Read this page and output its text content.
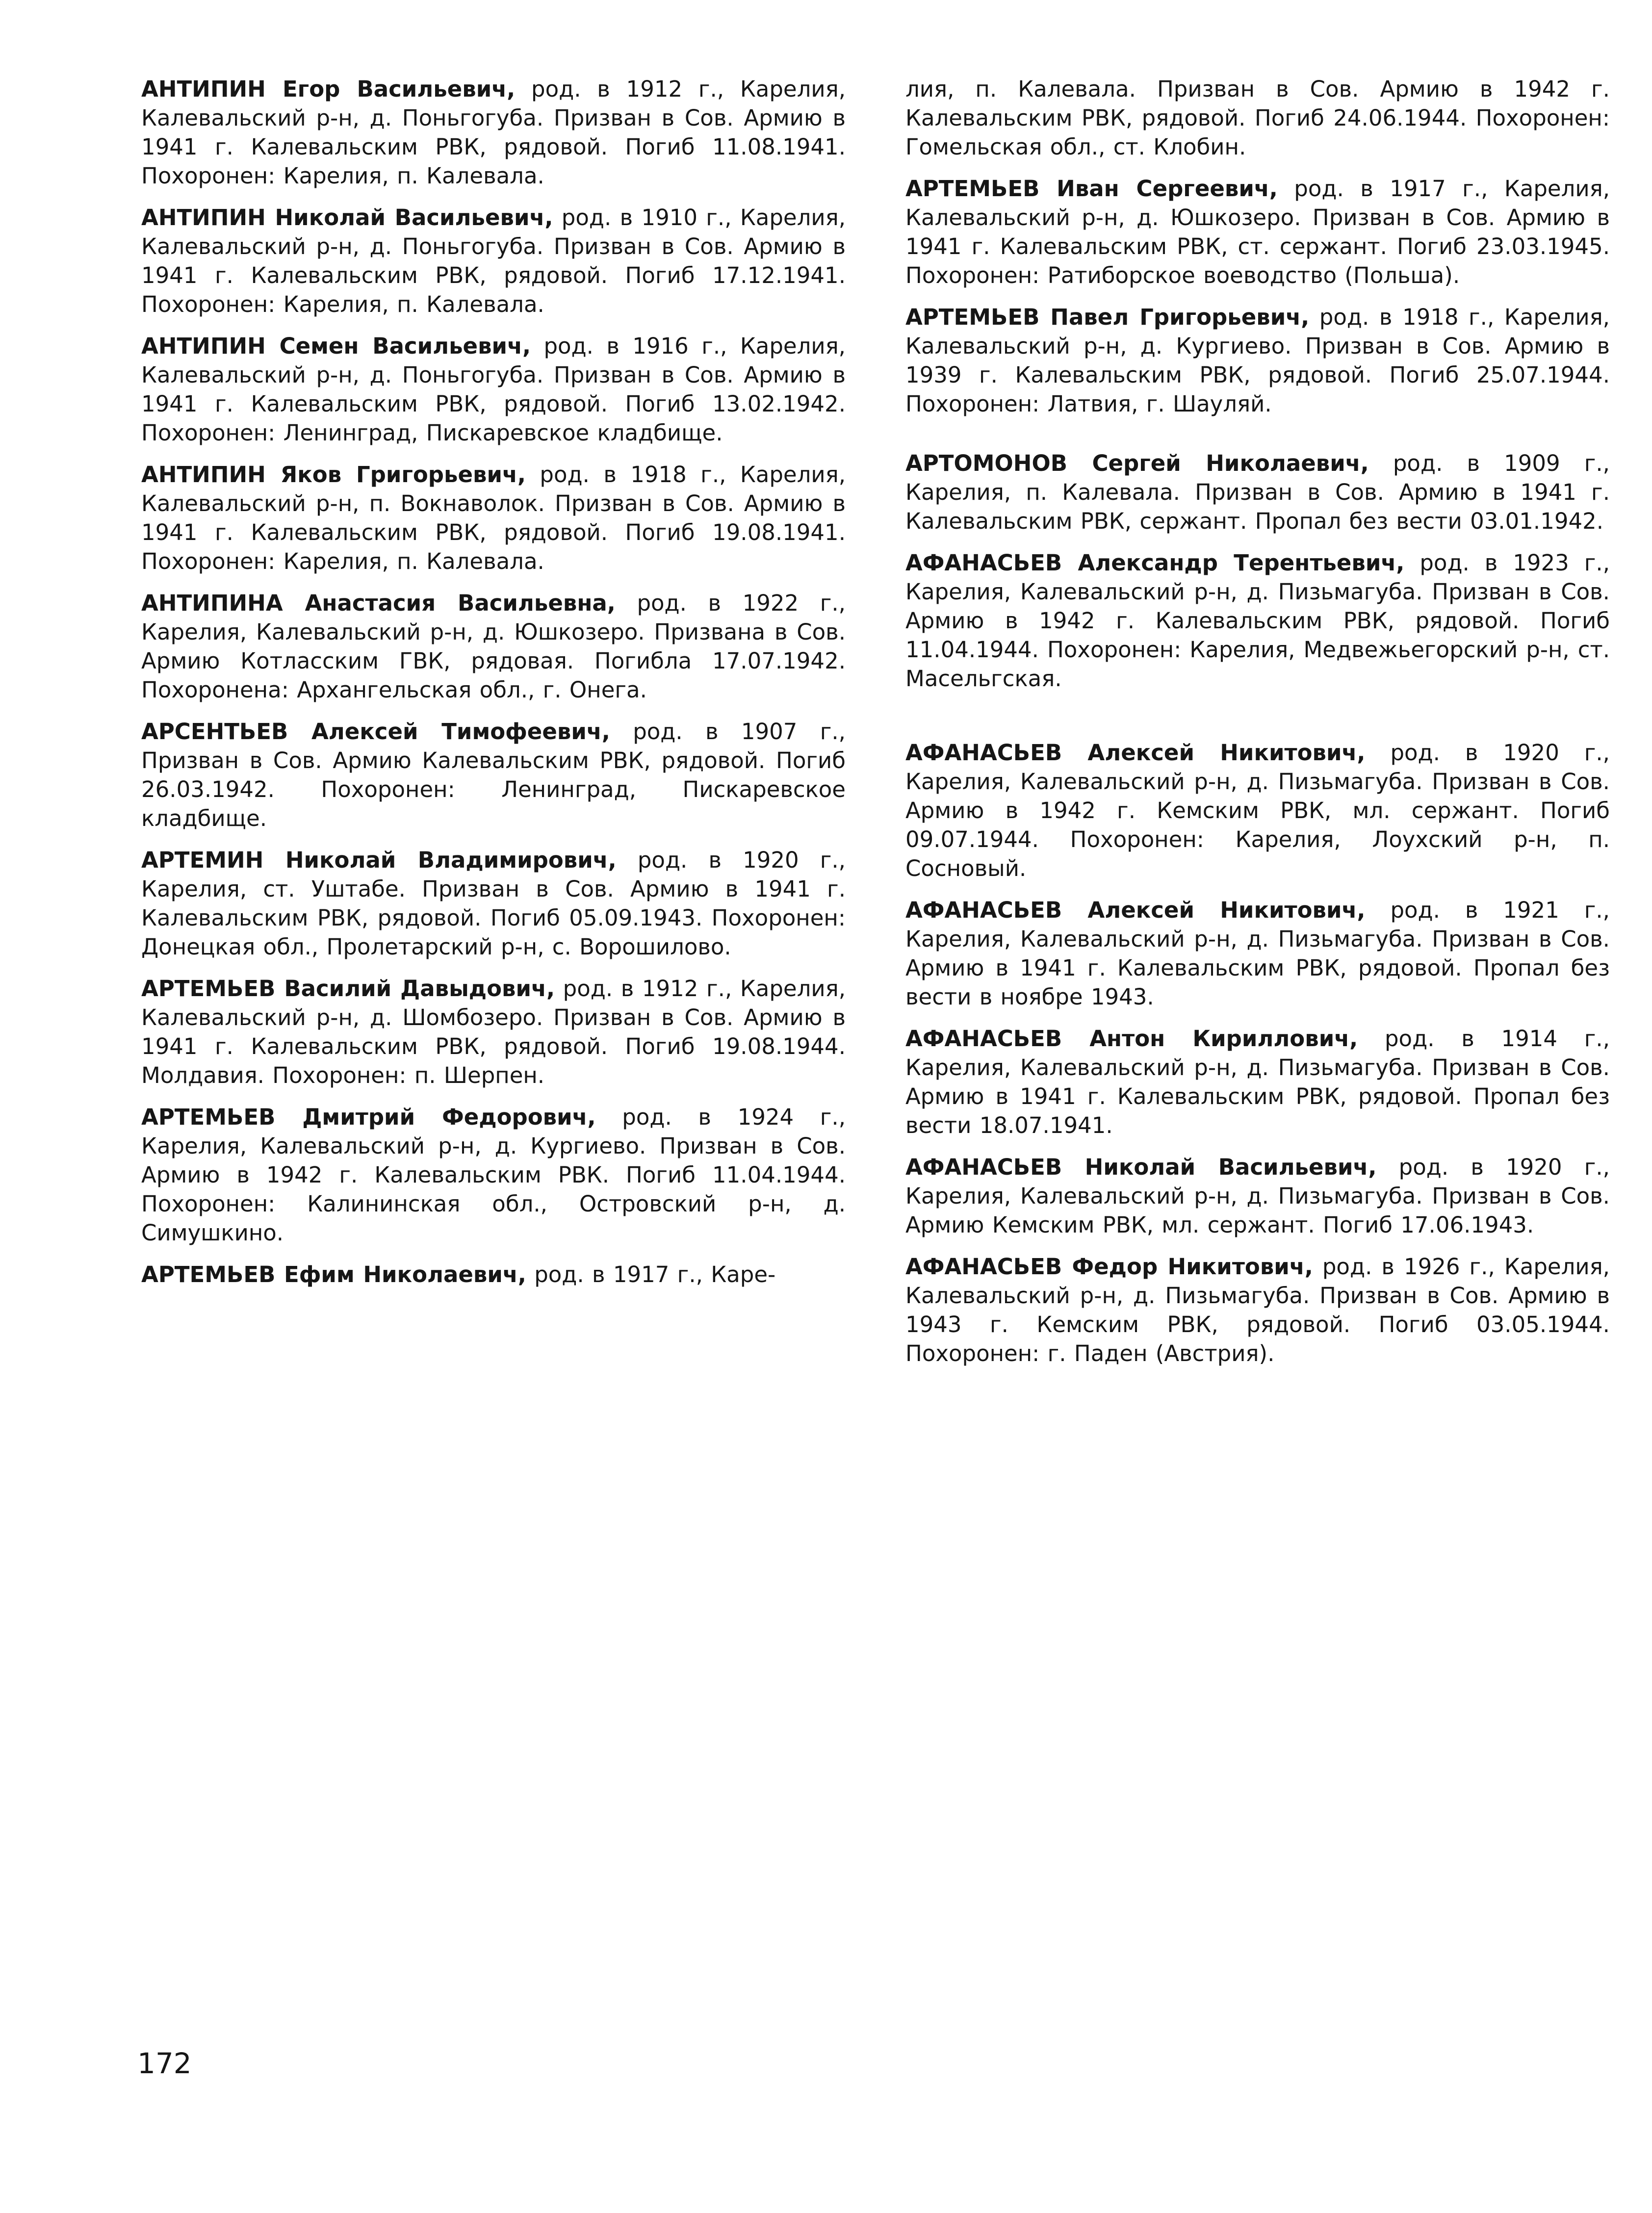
АНТИПИН Егор Васильевич, род. в 1912 г., Карелия, Калевальский р-н, д. Поньгогуба. Призван в Сов. Армию в 1941 г. Калевальским РВК, рядовой. Погиб 11.08.1941. Похоронен: Карелия, п. Калевала.

АНТИПИН Николай Васильевич, род. в 1910 г., Карелия, Калевальский р-н, д. Поньгогуба. Призван в Сов. Армию в 1941 г. Калевальским РВК, рядовой. Погиб 17.12.1941. Похоронен: Карелия, п. Калевала.

АНТИПИН Семен Васильевич, род. в 1916 г., Карелия, Калевальский р-н, д. Поньгогуба. Призван в Сов. Армию в 1941 г. Калевальским РВК, рядовой. Погиб 13.02.1942. Похоронен: Ленинград, Пискаревское кладбище.

АНТИПИН Яков Григорьевич, род. в 1918 г., Карелия, Калевальский р-н, п. Вокнаволок. Призван в Сов. Армию в 1941 г. Калевальским РВК, рядовой. Погиб 19.08.1941. Похоронен: Карелия, п. Калевала.

АНТИПИНА Анастасия Васильевна, род. в 1922 г., Карелия, Калевальский р-н, д. Юшкозеро. Призвана в Сов. Армию Котласским ГВК, рядовая. Погибла 17.07.1942. Похоронена: Архангельская обл., г. Онега.

АРСЕНТЬЕВ Алексей Тимофеевич, род. в 1907 г., Призван в Сов. Армию Калевальским РВК, рядовой. Погиб 26.03.1942. Похоронен: Ленинград, Пискаревское кладбище.

АРТЕМИН Николай Владимирович, род. в 1920 г., Карелия, ст. Уштабе. Призван в Сов. Армию в 1941 г. Калевальским РВК, рядовой. Погиб 05.09.1943. Похоронен: Донецкая обл., Пролетарский р-н, с. Ворошилово.

АРТЕМЬЕВ Василий Давыдович, род. в 1912 г., Карелия, Калевальский р-н, д. Шомбозеро. Призван в Сов. Армию в 1941 г. Калевальским РВК, рядовой. Погиб 19.08.1944. Молдавия. Похоронен: п. Шерпен.

АРТЕМЬЕВ Дмитрий Федорович, род. в 1924 г., Карелия, Калевальский р-н, д. Кургиево. Призван в Сов. Армию в 1942 г. Калевальским РВК. Погиб 11.04.1944. Похоронен: Калининская обл., Островский р-н, д. Симушкино.

АРТЕМЬЕВ Ефим Николаевич, род. в 1917 г., Каре-

лия, п. Калевала. Призван в Сов. Армию в 1942 г. Калевальским РВК, рядовой. Погиб 24.06.1944. Похоронен: Гомельская обл., ст. Клобин.

АРТЕМЬЕВ Иван Сергеевич, род. в 1917 г., Карелия, Калевальский р-н, д. Юшкозеро. Призван в Сов. Армию в 1941 г. Калевальским РВК, ст. сержант. Погиб 23.03.1945. Похоронен: Ратиборское воеводство (Польша).

АРТЕМЬЕВ Павел Григорьевич, род. в 1918 г., Карелия, Калевальский р-н, д. Кургиево. Призван в Сов. Армию в 1939 г. Калевальским РВК, рядовой. Погиб 25.07.1944. Похоронен: Латвия, г. Шауляй.

АРТОМОНОВ Сергей Николаевич, род. в 1909 г., Карелия, п. Калевала. Призван в Сов. Армию в 1941 г. Калевальским РВК, сержант. Пропал без вести 03.01.1942.

АФАНАСЬЕВ Александр Терентьевич, род. в 1923 г., Карелия, Калевальский р-н, д. Пизьмагуба. Призван в Сов. Армию в 1942 г. Калевальским РВК, рядовой. Погиб 11.04.1944. Похоронен: Карелия, Медвежьегорский р-н, ст. Масельгская.

АФАНАСЬЕВ Алексей Никитович, род. в 1920 г., Карелия, Калевальский р-н, д. Пизьмагуба. Призван в Сов. Армию в 1942 г. Кемским РВК, мл. сержант. Погиб 09.07.1944. Похоронен: Карелия, Лоухский р-н, п. Сосновый.

АФАНАСЬЕВ Алексей Никитович, род. в 1921 г., Карелия, Калевальский р-н, д. Пизьмагуба. Призван в Сов. Армию в 1941 г. Калевальским РВК, рядовой. Пропал без вести в ноябре 1943.

АФАНАСЬЕВ Антон Кириллович, род. в 1914 г., Карелия, Калевальский р-н, д. Пизьмагуба. Призван в Сов. Армию в 1941 г. Калевальским РВК, рядовой. Пропал без вести 18.07.1941.

АФАНАСЬЕВ Николай Васильевич, род. в 1920 г., Карелия, Калевальский р-н, д. Пизьмагуба. Призван в Сов. Армию Кемским РВК, мл. сержант. Погиб 17.06.1943.

АФАНАСЬЕВ Федор Никитович, род. в 1926 г., Карелия, Калевальский р-н, д. Пизьмагуба. Призван в Сов. Армию в 1943 г. Кемским РВК, рядовой. Погиб 03.05.1944. Похоронен: г. Паден (Австрия).

172
